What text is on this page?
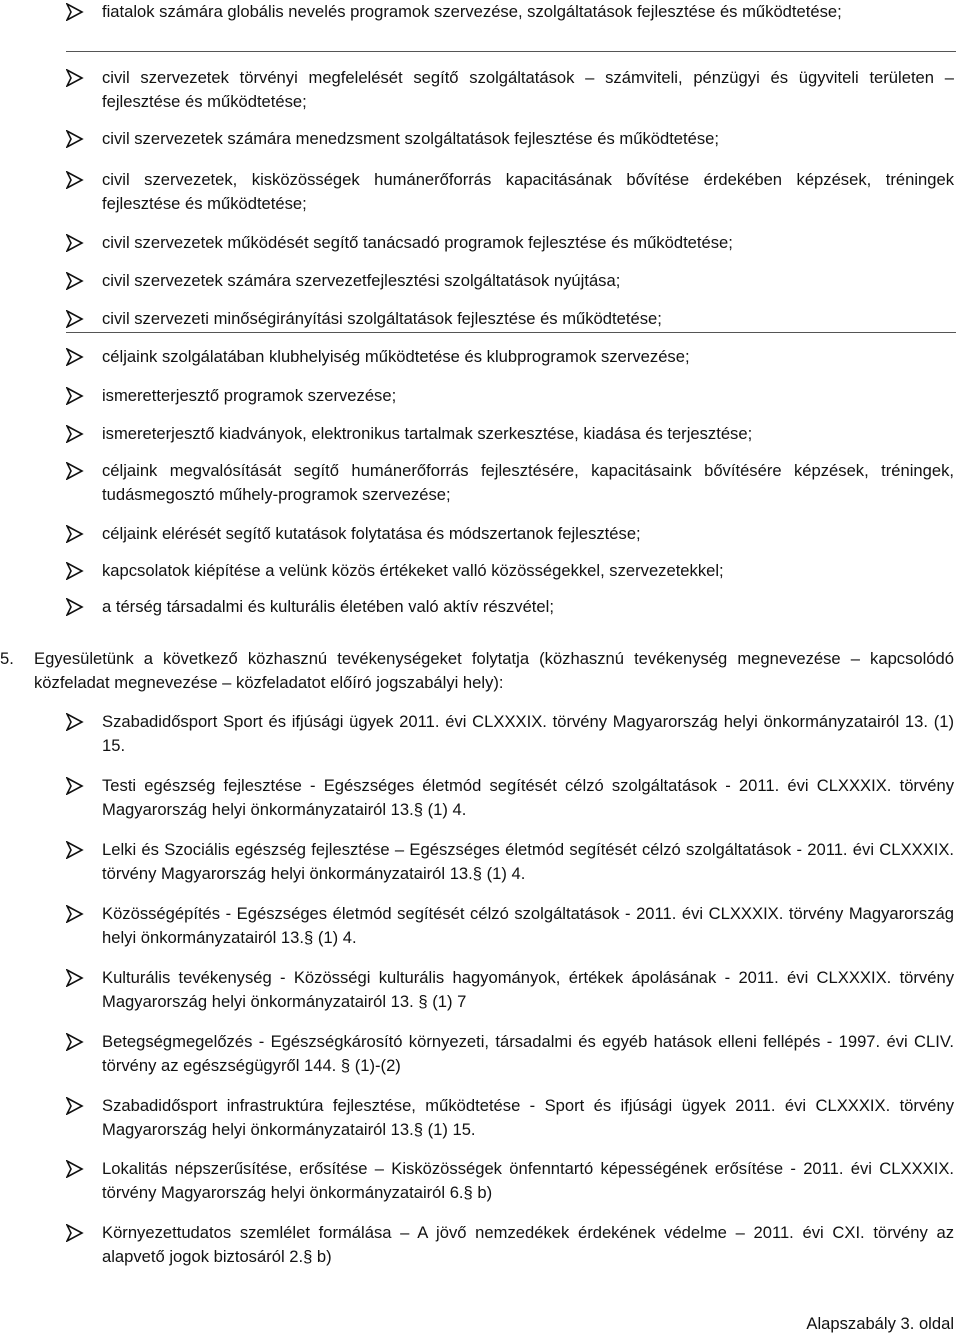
fiatalok számára globális nevelés programok szervezése, szolgáltatások fejlesztése és működtetése;
civil szervezetek törvényi megfelelését segítő szolgáltatások – számviteli, pénzügyi és ügyviteli területen – fejlesztése és működtetése;
civil szervezetek számára menedzsment szolgáltatások fejlesztése és működtetése;
civil szervezetek, kisközösségek humánerőforrás kapacitásának bővítése érdekében képzések, tréningek fejlesztése és működtetése;
civil szervezetek működését segítő tanácsadó programok fejlesztése és működtetése;
civil szervezetek számára szervezetfejlesztési szolgáltatások nyújtása;
civil szervezeti minőségirányítási szolgáltatások fejlesztése és működtetése;
céljaink szolgálatában klubhelyiség működtetése és klubprogramok szervezése;
ismeretterjesztő programok szervezése;
ismereterjesztő kiadványok, elektronikus tartalmak szerkesztése, kiadása és terjesztése;
céljaink megvalósítását segítő humánerőforrás fejlesztésére, kapacitásaink bővítésére képzések, tréningek, tudásmegosztó műhely-programok szervezése;
céljaink elérését segítő kutatások folytatása és módszertanok fejlesztése;
kapcsolatok kiépítése a velünk közös értékeket valló közösségekkel, szervezetekkel;
a térség társadalmi és kulturális életében való aktív részvétel;
5. Egyesületünk a következő közhasznú tevékenységeket folytatja (közhasznú tevékenység megnevezése – kapcsolódó közfeladat megnevezése – közfeladatot előíró jogszabályi hely):
Szabadidősport Sport és ifjúsági ügyek 2011. évi CLXXXIX. törvény Magyarország helyi önkormányzatairól 13. (1) 15.
Testi egészség fejlesztése - Egészséges életmód segítését célzó szolgáltatások - 2011. évi CLXXXIX. törvény Magyarország helyi önkormányzatairól 13.§ (1) 4.
Lelki és Szociális egészség fejlesztése – Egészséges életmód segítését célzó szolgáltatások - 2011. évi CLXXXIX. törvény Magyarország helyi önkormányzatairól 13.§ (1) 4.
Közösségépítés - Egészséges életmód segítését célzó szolgáltatások - 2011. évi CLXXXIX. törvény Magyarország helyi önkormányzatairól 13.§ (1) 4.
Kulturális tevékenység - Közösségi kulturális hagyományok, értékek ápolásának - 2011. évi CLXXXIX. törvény Magyarország helyi önkormányzatairól 13. § (1) 7
Betegségmegelőzés - Egészségkárosító környezeti, társadalmi és egyéb hatások elleni fellépés - 1997. évi CLIV. törvény az egészségügyről 144. § (1)-(2)
Szabadidősport infrastruktúra fejlesztése, működtetése - Sport és ifjúsági ügyek 2011. évi CLXXXIX. törvény Magyarország helyi önkormányzatairól 13.§ (1) 15.
Lokalitás népszerűsítése, erősítése – Kisközösségek önfenntartó képességének erősítése - 2011. évi CLXXXIX. törvény Magyarország helyi önkormányzatairól 6.§ b)
Környezettudatos szemlélet formálása – A jövő nemzedékek érdekének védelme – 2011. évi CXI. törvény az alapvető jogok biztosáról 2.§ b)
Alapszabály 3. oldal
